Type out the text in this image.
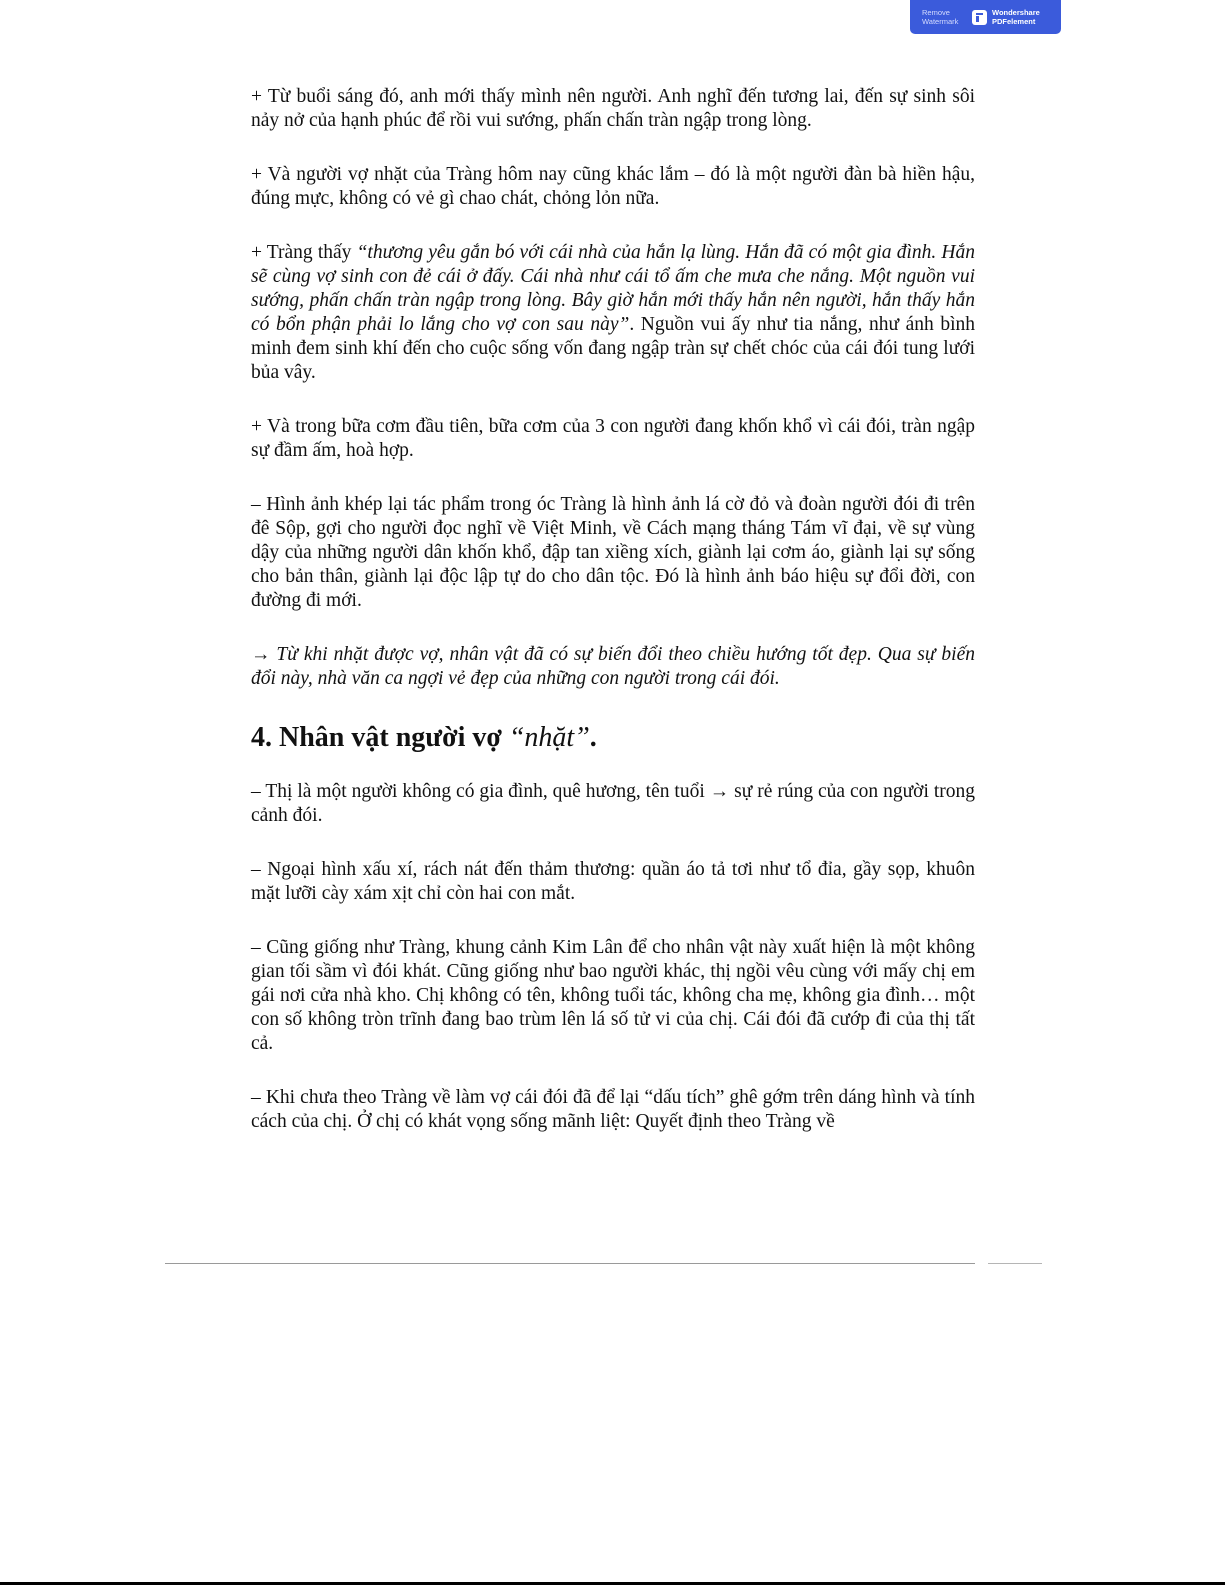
Remove
Watermark
Wondershare
PDFelement

+ Từ buổi sáng đó, anh mới thấy mình nên người. Anh nghĩ đến tương lai, đến sự sinh sôi nảy nở của hạnh phúc để rồi vui sướng, phấn chấn tràn ngập trong lòng.

+ Và người vợ nhặt của Tràng hôm nay cũng khác lắm – đó là một người đàn bà hiền hậu, đúng mực, không có vẻ gì chao chát, chỏng lỏn nữa.

+ Tràng thấy “thương yêu gắn bó với cái nhà của hắn lạ lùng. Hắn đã có một gia đình. Hắn sẽ cùng vợ sinh con đẻ cái ở đấy. Cái nhà như cái tổ ấm che mưa che nắng. Một nguồn vui sướng, phấn chấn tràn ngập trong lòng. Bây giờ hắn mới thấy hắn nên người, hắn thấy hắn có bổn phận phải lo lắng cho vợ con sau này”. Nguồn vui ấy như tia nắng, như ánh bình minh đem sinh khí đến cho cuộc sống vốn đang ngập tràn sự chết chóc của cái đói tung lưới bủa vây.

+ Và trong bữa cơm đầu tiên, bữa cơm của 3 con người đang khốn khổ vì cái đói, tràn ngập sự đầm ấm, hoà hợp.

– Hình ảnh khép lại tác phẩm trong óc Tràng là hình ảnh lá cờ đỏ và đoàn người đói đi trên đê Sộp, gợi cho người đọc nghĩ về Việt Minh, về Cách mạng tháng Tám vĩ đại, về sự vùng dậy của những người dân khốn khổ, đập tan xiềng xích, giành lại cơm áo, giành lại sự sống cho bản thân, giành lại độc lập tự do cho dân tộc. Đó là hình ảnh báo hiệu sự đổi đời, con đường đi mới.

→ Từ khi nhặt được vợ, nhân vật đã có sự biến đổi theo chiều hướng tốt đẹp. Qua sự biến đổi này, nhà văn ca ngợi vẻ đẹp của những con người trong cái đói.

4. Nhân vật người vợ “nhặt”.

– Thị là một người không có gia đình, quê hương, tên tuổi → sự rẻ rúng của con người trong cảnh đói.

– Ngoại hình xấu xí, rách nát đến thảm thương: quần áo tả tơi như tổ đỉa, gầy sọp, khuôn mặt lưỡi cày xám xịt chỉ còn hai con mắt.

– Cũng giống như Tràng, khung cảnh Kim Lân để cho nhân vật này xuất hiện là một không gian tối sầm vì đói khát. Cũng giống như bao người khác, thị ngồi vêu cùng với mấy chị em gái nơi cửa nhà kho. Chị không có tên, không tuổi tác, không cha mẹ, không gia đình… một con số không tròn trĩnh đang bao trùm lên lá số tử vi của chị. Cái đói đã cướp đi của thị tất cả.

– Khi chưa theo Tràng về làm vợ cái đói đã để lại “dấu tích” ghê gớm trên dáng hình và tính cách của chị. Ở chị có khát vọng sống mãnh liệt: Quyết định theo Tràng về
